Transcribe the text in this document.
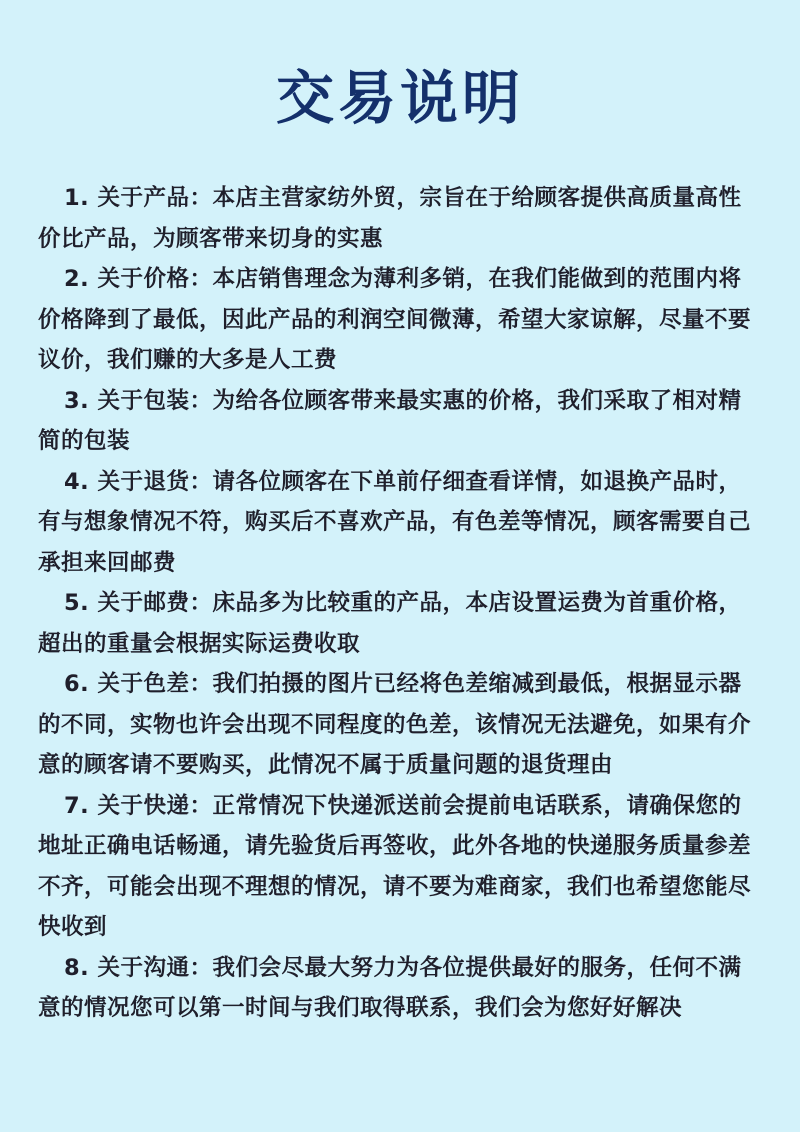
交易说明

1. 关于产品：本店主营家纺外贸，宗旨在于给顾客提供高质量高性价比产品，为顾客带来切身的实惠

2. 关于价格：本店销售理念为薄利多销，在我们能做到的范围内将价格降到了最低，因此产品的利润空间微薄，希望大家谅解，尽量不要议价，我们赚的大多是人工费

3. 关于包装：为给各位顾客带来最实惠的价格，我们采取了相对精简的包装

4. 关于退货：请各位顾客在下单前仔细查看详情，如退换产品时，有与想象情况不符，购买后不喜欢产品，有色差等情况，顾客需要自己承担来回邮费

5. 关于邮费：床品多为比较重的产品，本店设置运费为首重价格，超出的重量会根据实际运费收取

6. 关于色差：我们拍摄的图片已经将色差缩减到最低，根据显示器的不同，实物也许会出现不同程度的色差，该情况无法避免，如果有介意的顾客请不要购买，此情况不属于质量问题的退货理由

7. 关于快递：正常情况下快递派送前会提前电话联系，请确保您的地址正确电话畅通，请先验货后再签收，此外各地的快递服务质量参差不齐，可能会出现不理想的情况，请不要为难商家，我们也希望您能尽快收到

8. 关于沟通：我们会尽最大努力为各位提供最好的服务，任何不满意的情况您可以第一时间与我们取得联系，我们会为您好好解决
